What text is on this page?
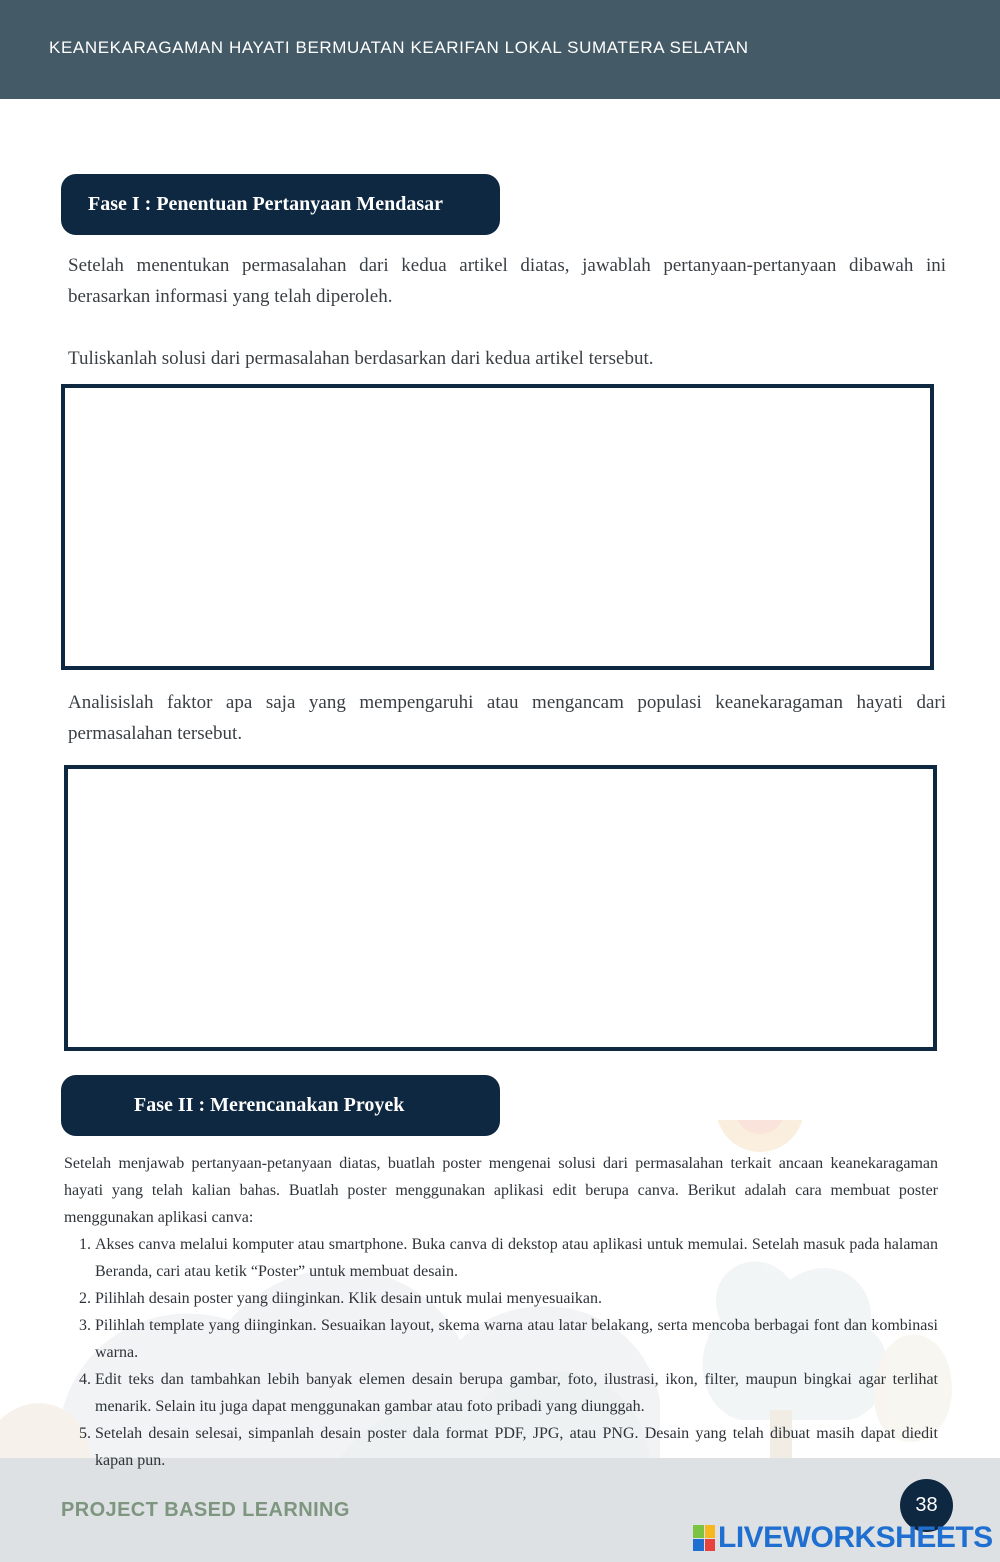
KEANEKARAGAMAN HAYATI BERMUATAN KEARIFAN LOKAL SUMATERA SELATAN
Fase I : Penentuan Pertanyaan Mendasar

Setelah menentukan permasalahan dari kedua artikel diatas, jawablah pertanyaan-pertanyaan dibawah ini berasarkan informasi yang telah diperoleh.

Tuliskanlah solusi dari permasalahan berdasarkan dari kedua artikel tersebut.

Analisislah faktor apa saja yang mempengaruhi atau mengancam populasi keanekaragaman hayati dari permasalahan tersebut.

Fase II : Merencanakan Proyek

Setelah menjawab pertanyaan-petanyaan diatas, buatlah poster mengenai solusi dari permasalahan terkait ancaan keanekaragaman hayati yang telah kalian bahas. Buatlah poster menggunakan aplikasi edit berupa canva. Berikut adalah cara membuat poster menggunakan aplikasi canva:

1. Akses canva melalui komputer atau smartphone. Buka canva di dekstop atau aplikasi untuk memulai. Setelah masuk pada halaman Beranda, cari atau ketik “Poster” untuk membuat desain.
2. Pilihlah desain poster yang diinginkan. Klik desain untuk mulai menyesuaikan.
3. Pilihlah template yang diinginkan. Sesuaikan layout, skema warna atau latar belakang, serta mencoba berbagai font dan kombinasi warna.
4. Edit teks dan tambahkan lebih banyak elemen desain berupa gambar, foto, ilustrasi, ikon, filter, maupun bingkai agar terlihat menarik. Selain itu juga dapat menggunakan gambar atau foto pribadi yang diunggah.
5. Setelah desain selesai, simpanlah desain poster dala format PDF, JPG, atau PNG. Desain yang telah dibuat masih dapat diedit kapan pun.
PROJECT BASED LEARNING	38
LIVEWORKSHEETS
